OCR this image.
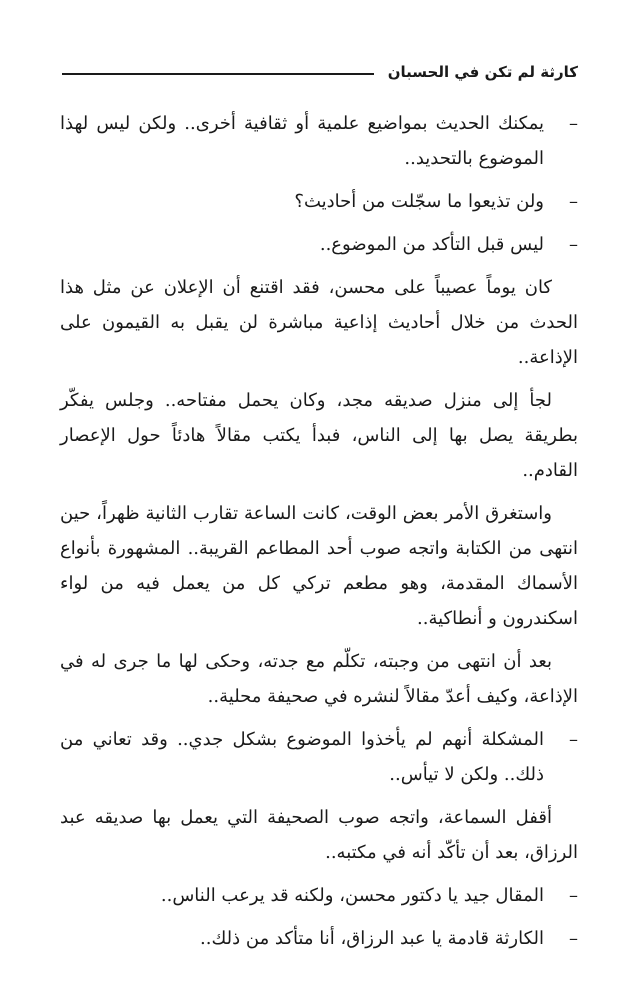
كارثة لم تكن في الحسبان
–
يمكنك الحديث بمواضيع علمية أو ثقافية أخرى.. ولكن ليس لهذا الموضوع بالتحديد..
–
ولن تذيعوا ما سجّلت من أحاديث؟
–
ليس قبل التأكد من الموضوع..

كان يوماً عصيباً على محسن، فقد اقتنع أن الإعلان عن مثل هذا الحدث من خلال أحاديث إذاعية مباشرة لن يقبل به القيمون على الإذاعة..

لجأ إلى منزل صديقه مجد، وكان يحمل مفتاحه.. وجلس يفكّر بطريقة يصل بها إلى الناس، فبدأ يكتب مقالاً هادئاً حول الإعصار القادم..

واستغرق الأمر بعض الوقت، كانت الساعة تقارب الثانية ظهراً، حين انتهى من الكتابة واتجه صوب أحد المطاعم القريبة.. المشهورة بأنواع الأسماك المقدمة، وهو مطعم تركي كل من يعمل فيه من لواء اسكندرون و أنطاكية..

بعد أن انتهى من وجبته، تكلّم مع جدته، وحكى لها ما جرى له في الإذاعة، وكيف أعدّ مقالاً لنشره في صحيفة محلية..

–
المشكلة أنهم لم يأخذوا الموضوع بشكل جدي.. وقد تعاني من ذلك.. ولكن لا تيأس..

أقفل السماعة، واتجه صوب الصحيفة التي يعمل بها صديقه عبد الرزاق، بعد أن تأكّد أنه في مكتبه..

–
المقال جيد يا دكتور محسن، ولكنه قد يرعب الناس..
–
الكارثة قادمة يا عبد الرزاق، أنا متأكد من ذلك..
